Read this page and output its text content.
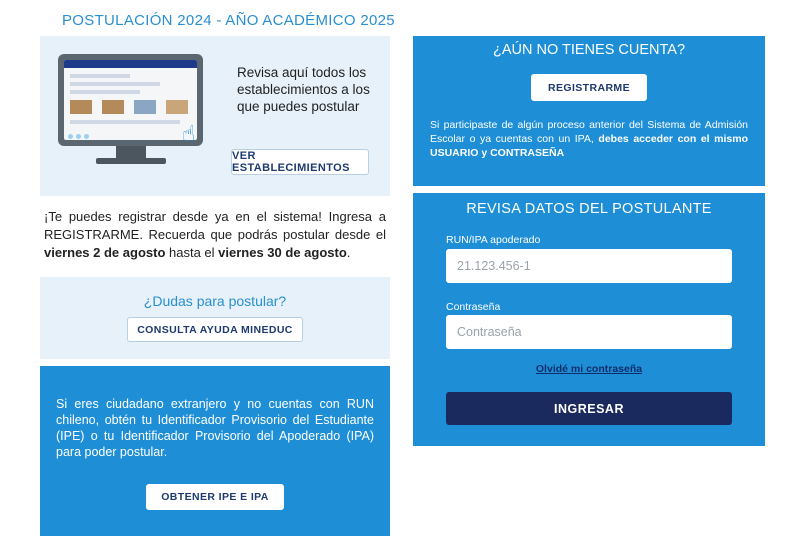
POSTULACIÓN 2024 - AÑO ACADÉMICO 2025
☝
Revisa aquí todos los establecimientos a los que puedes postular
VER ESTABLECIMIENTOS

¡Te puedes registrar desde ya en el sistema! Ingresa a REGISTRARME. Recuerda que podrás postular desde el viernes 2 de agosto hasta el viernes 30 de agosto.

¿Dudas para postular?
CONSULTA AYUDA MINEDUC
Si eres ciudadano extranjero y no cuentas con RUN chileno, obtén tu Identificador Provisorio del Estudiante (IPE) o tu Identificador Provisorio del Apoderado (IPA) para poder postular.
OBTENER IPE E IPA
¿AÚN NO TIENES CUENTA?
REGISTRARME
Si participaste de algún proceso anterior del Sistema de Admisión Escolar o ya cuentas con un IPA, debes acceder con el mismo USUARIO y CONTRASEÑA
REVISA DATOS DEL POSTULANTE
RUN/IPA apoderado
21.123.456-1
Contraseña
Olvidé mi contraseña
INGRESAR
